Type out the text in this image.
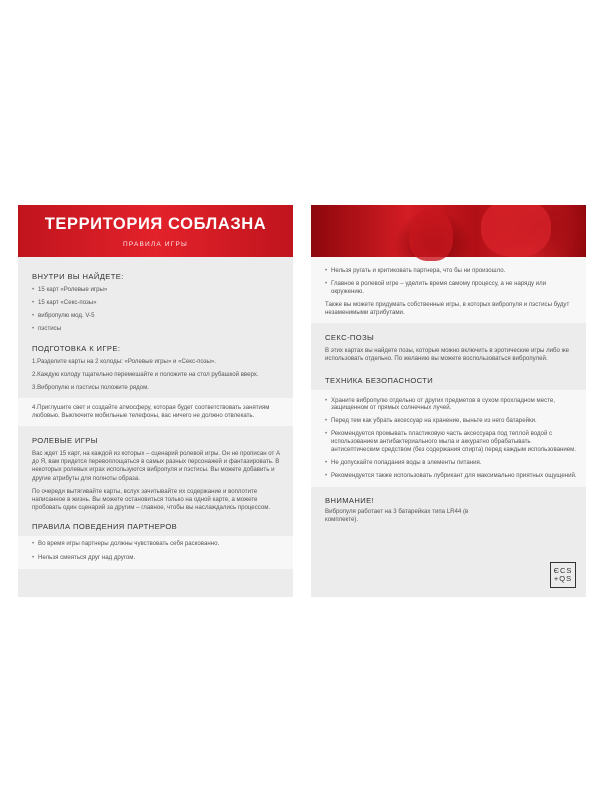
ТЕРРИТОРИЯ СОБЛАЗНА
ПРАВИЛА ИГРЫ
ВНУТРИ ВЫ НАЙДЕТЕ:
• 15 карт «Ролевые игры»
• 15 карт «Секс-позы»
• вибропулю мод. V-5
• пэстисы
ПОДГОТОВКА К ИГРЕ:
1.Разделите карты на 2 колоды: «Ролевые игры» и «Секс-позы».
2.Каждую колоду тщательно перемешайте и положите на стол рубашкой вверх.
3.Вибропулю и пэстисы положите рядом.
4.Приглушите свет и создайте атмосферу, которая будет соответствовать занятиям любовью. Выключите мобильные телефоны, вас ничего не должно отвлекать.
РОЛЕВЫЕ ИГРЫ
Вас ждет 15 карт, на каждой из которых – сценарий ролевой игры. Он не прописан от А до Я, вам придется перевоплощаться в самых разных персонажей и фантазировать. В некоторых ролевых играх используются вибропуля и пэстисы. Вы можете добавить и другие атрибуты для полноты образа.
По очереди вытягивайте карты, вслух зачитывайте их содержание и воплотите написанное в жизнь. Вы можете остановиться только на одной карте, а можете пробовать один сценарий за другим – главное, чтобы вы наслаждались процессом.
ПРАВИЛА ПОВЕДЕНИЯ ПАРТНЕРОВ
• Во время игры партнеры должны чувствовать себя раскованно.
• Нельзя смеяться друг над другом.
• Нельзя ругать и критиковать партнера, что бы ни произошло.
• Главное в ролевой игре – уделить время самому процессу, а не наряду или окружению.
Также вы можете придумать собственные игры, в которых вибропуля и пэстисы будут незаменимыми атрибутами.
СЕКС-ПОЗЫ
В этих картах вы найдете позы, которые можно включить в эротические игры либо же использовать отдельно. По желанию вы можете воспользоваться вибропулей.
ТЕХНИКА БЕЗОПАСНОСТИ
• Храните вибропулю отдельно от других предметов в сухом прохладном месте, защищенном от прямых солнечных лучей.
• Перед тем как убрать аксессуар на хранение, выньте из него батарейки.
• Рекомендуется промывать пластиковую часть аксессуара под теплой водой с использованием антибактериального мыла и аккуратно обрабатывать антисептическим средством (без содержания спирта) перед каждым использованием.
• Не допускайте попадания воды в элементы питания.
• Рекомендуется также использовать лубрикант для максимально приятных ощущений.
ВНИМАНИЕ!
Вибропуля работает на 3 батарейках типа LR44 (в комплекте).
ЄCS
+QS
